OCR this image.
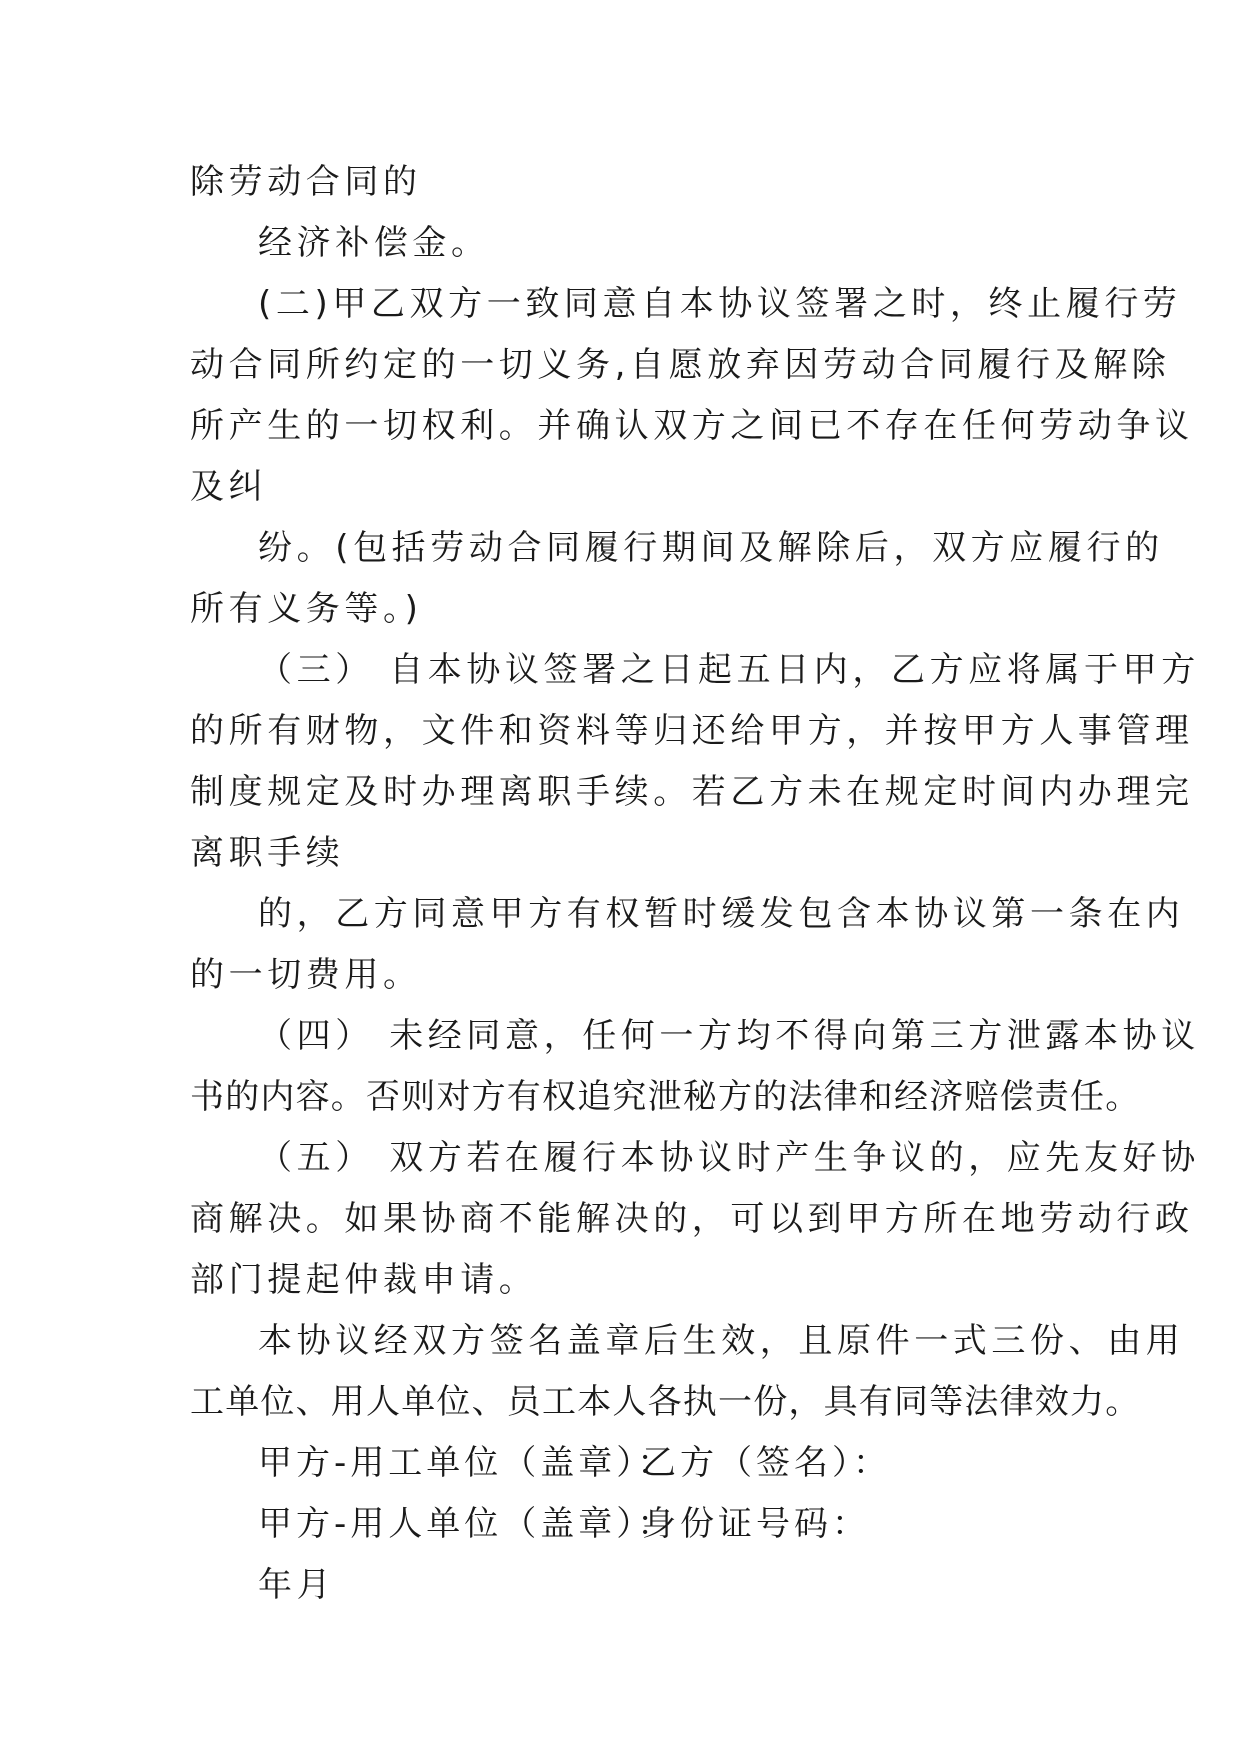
除劳动合同的
经济补偿金。
(二)甲乙双方一致同意自本协议签署之时，终止履行劳
动合同所约定的一切义务,自愿放弃因劳动合同履行及解除
所产生的一切权利。并确认双方之间已不存在任何劳动争议
及纠
纷。(包括劳动合同履行期间及解除后，双方应履行的
所有义务等。)
（三） 自本协议签署之日起五日内，乙方应将属于甲方
的所有财物，文件和资料等归还给甲方，并按甲方人事管理
制度规定及时办理离职手续。若乙方未在规定时间内办理完
离职手续
的，乙方同意甲方有权暂时缓发包含本协议第一条在内
的一切费用。
（四） 未经同意，任何一方均不得向第三方泄露本协议
书的内容。否则对方有权追究泄秘方的法律和经济赔偿责任。
（五） 双方若在履行本协议时产生争议的，应先友好协
商解决。如果协商不能解决的，可以到甲方所在地劳动行政
部门提起仲裁申请。
本协议经双方签名盖章后生效，且原件一式三份、由用
工单位、用人单位、员工本人各执一份，具有同等法律效力。
甲方-用工单位（盖章）：乙方（签名）：
甲方-用人单位（盖章）：身份证号码：
年月
